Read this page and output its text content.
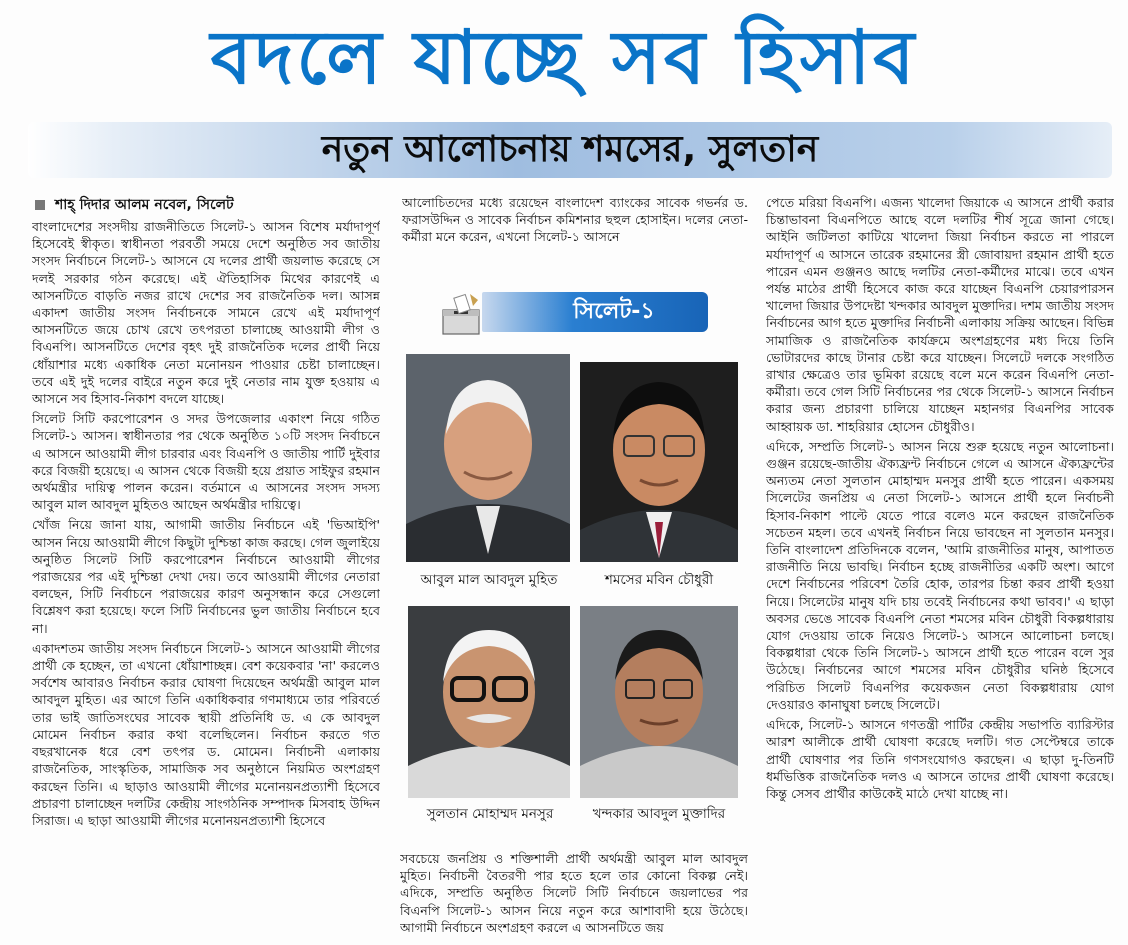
বদলে যাচ্ছে সব হিসাব
নতুন আলোচনায় শমসের, সুলতান
শাহ্ দিদার আলম নবেল, সিলেট

বাংলাদেশের সংসদীয় রাজনীতিতে সিলেট-১ আসন বিশেষ মর্যাদাপূর্ণ হিসেবেই স্বীকৃত। স্বাধীনতা পরবর্তী সময়ে দেশে অনুষ্ঠিত সব জাতীয় সংসদ নির্বাচনে সিলেট-১ আসনে যে দলের প্রার্থী জয়লাভ করেছে সে দলই সরকার গঠন করেছে। এই ঐতিহাসিক মিথের কারণেই এ আসনটিতে বাড়তি নজর রাখে দেশের সব রাজনৈতিক দল। আসন্ন একাদশ জাতীয় সংসদ নির্বাচনকে সামনে রেখে এই মর্যাদাপূর্ণ আসনটিতে জয়ে চোখ রেখে তৎপরতা চালাচ্ছে আওয়ামী লীগ ও বিএনপি। আসনটিতে দেশের বৃহৎ দুই রাজনৈতিক দলের প্রার্থী নিয়ে ধোঁয়াশার মধ্যে একাধিক নেতা মনোনয়ন পাওয়ার চেষ্টা চালাচ্ছেন। তবে এই দুই দলের বাইরে নতুন করে দুই নেতার নাম যুক্ত হওয়ায় এ আসনে সব হিসাব-নিকাশ বদলে যাচ্ছে।

সিলেট সিটি করপোরেশন ও সদর উপজেলার একাংশ নিয়ে গঠিত সিলেট-১ আসন। স্বাধীনতার পর থেকে অনুষ্ঠিত ১০টি সংসদ নির্বাচনে এ আসনে আওয়ামী লীগ চারবার এবং বিএনপি ও জাতীয় পার্টি দুইবার করে বিজয়ী হয়েছে। এ আসন থেকে বিজয়ী হয়ে প্রয়াত সাইফুর রহমান অর্থমন্ত্রীর দায়িত্ব পালন করেন। বর্তমানে এ আসনের সংসদ সদস্য আবুল মাল আবদুল মুহিতও আছেন অর্থমন্ত্রীর দায়িত্বে।

খোঁজ নিয়ে জানা যায়, আগামী জাতীয় নির্বাচনে এই 'ভিআইপি' আসন নিয়ে আওয়ামী লীগে কিছুটা দুশ্চিন্তা কাজ করছে। গেল জুলাইয়ে অনুষ্ঠিত সিলেট সিটি করপোরেশন নির্বাচনে আওয়ামী লীগের পরাজয়ের পর এই দুশ্চিন্তা দেখা দেয়। তবে আওয়ামী লীগের নেতারা বলছেন, সিটি নির্বাচনে পরাজয়ের কারণ অনুসন্ধান করে সেগুলো বিশ্লেষণ করা হয়েছে। ফলে সিটি নির্বাচনের ভুল জাতীয় নির্বাচনে হবে না।

একাদশতম জাতীয় সংসদ নির্বাচনে সিলেট-১ আসনে আওয়ামী লীগের প্রার্থী কে হচ্ছেন, তা এখনো ধোঁয়াশাচ্ছন্ন। বেশ কয়েকবার 'না' করলেও সর্বশেষ আবারও নির্বাচন করার ঘোষণা দিয়েছেন অর্থমন্ত্রী আবুল মাল আবদুল মুহিত। এর আগে তিনি একাধিকবার গণমাধ্যমে তার পরিবর্তে তার ভাই জাতিসংঘের সাবেক স্থায়ী প্রতিনিধি ড. এ কে আবদুল মোমেন নির্বাচন করার কথা বলেছিলেন। নির্বাচন করতে গত বছরখানেক ধরে বেশ তৎপর ড. মোমেন। নির্বাচনী এলাকায় রাজনৈতিক, সাংস্কৃতিক, সামাজিক সব অনুষ্ঠানে নিয়মিত অংশগ্রহণ করছেন তিনি। এ ছাড়াও আওয়ামী লীগের মনোনয়নপ্রত্যাশী হিসেবে প্রচারণা চালাচ্ছেন দলটির কেন্দ্রীয় সাংগঠনিক সম্পাদক মিসবাহ উদ্দিন সিরাজ। এ ছাড়া আওয়ামী লীগের মনোনয়নপ্রত্যাশী হিসেবে

আলোচিতদের মধ্যে রয়েছেন বাংলাদেশ ব্যাংকের সাবেক গভর্নর ড. ফরাসউদ্দিন ও সাবেক নির্বাচন কমিশনার ছহুল হোসাইন। দলের নেতা-কর্মীরা মনে করেন, এখনো সিলেট-১ আসনে

সিলেট-১
আবুল মাল আবদুল মুহিত	শমসের মবিন চৌধুরী
সুলতান মোহাম্মদ মনসুর	খন্দকার আবদুল মুক্তাদির

সবচেয়ে জনপ্রিয় ও শক্তিশালী প্রার্থী অর্থমন্ত্রী আবুল মাল আবদুল মুহিত। নির্বাচনী বৈতরণী পার হতে হলে তার কোনো বিকল্প নেই। এদিকে, সম্প্রতি অনুষ্ঠিত সিলেট সিটি নির্বাচনে জয়লাভের পর বিএনপি সিলেট-১ আসন নিয়ে নতুন করে আশাবাদী হয়ে উঠেছে। আগামী নির্বাচনে অংশগ্রহণ করলে এ আসনটিতে জয়

পেতে মরিয়া বিএনপি। এজন্য খালেদা জিয়াকে এ আসনে প্রার্থী করার চিন্তাভাবনা বিএনপিতে আছে বলে দলটির শীর্ষ সূত্রে জানা গেছে। আইনি জটিলতা কাটিয়ে খালেদা জিয়া নির্বাচন করতে না পারলে মর্যাদাপূর্ণ এ আসনে তারেক রহমানের স্ত্রী জোবায়দা রহমান প্রার্থী হতে পারেন এমন গুঞ্জনও আছে দলটির নেতা-কর্মীদের মাঝে। তবে এখন পর্যন্ত মাঠের প্রার্থী হিসেবে কাজ করে যাচ্ছেন বিএনপি চেয়ারপারসন খালেদা জিয়ার উপদেষ্টা খন্দকার আবদুল মুক্তাদির। দশম জাতীয় সংসদ নির্বাচনের আগ হতে মুক্তাদির নির্বাচনী এলাকায় সক্রিয় আছেন। বিভিন্ন সামাজিক ও রাজনৈতিক কার্যক্রমে অংশগ্রহণের মধ্য দিয়ে তিনি ভোটারদের কাছে টানার চেষ্টা করে যাচ্ছেন। সিলেটে দলকে সংগঠিত রাখার ক্ষেত্রেও তার ভূমিকা রয়েছে বলে মনে করেন বিএনপি নেতা-কর্মীরা। তবে গেল সিটি নির্বাচনের পর থেকে সিলেট-১ আসনে নির্বাচন করার জন্য প্রচারণা চালিয়ে যাচ্ছেন মহানগর বিএনপির সাবেক আহ্বায়ক ডা. শাহরিয়ার হোসেন চৌধুরীও।

এদিকে, সম্প্রতি সিলেট-১ আসন নিয়ে শুরু হয়েছে নতুন আলোচনা। গুঞ্জন রয়েছে-জাতীয় ঐক্যফ্রন্ট নির্বাচনে গেলে এ আসনে ঐক্যফ্রন্টের অন্যতম নেতা সুলতান মোহাম্মদ মনসুর প্রার্থী হতে পারেন। একসময় সিলেটের জনপ্রিয় এ নেতা সিলেট-১ আসনে প্রার্থী হলে নির্বাচনী হিসাব-নিকাশ পাল্টে যেতে পারে বলেও মনে করছেন রাজনৈতিক সচেতন মহল। তবে এখনই নির্বাচন নিয়ে ভাবছেন না সুলতান মনসুর। তিনি বাংলাদেশ প্রতিদিনকে বলেন, 'আমি রাজনীতির মানুষ, আপাতত রাজনীতি নিয়ে ভাবছি। নির্বাচন হচ্ছে রাজনীতির একটি অংশ। আগে দেশে নির্বাচনের পরিবেশ তৈরি হোক, তারপর চিন্তা করব প্রার্থী হওয়া নিয়ে। সিলেটের মানুষ যদি চায় তবেই নির্বাচনের কথা ভাবব।' এ ছাড়া অবসর ভেঙে সাবেক বিএনপি নেতা শমসের মবিন চৌধুরী বিকল্পধারায় যোগ দেওয়ায় তাকে নিয়েও সিলেট-১ আসনে আলোচনা চলছে। বিকল্পধারা থেকে তিনি সিলেট-১ আসনে প্রার্থী হতে পারেন বলে সুর উঠেছে। নির্বাচনের আগে শমসের মবিন চৌধুরীর ঘনিষ্ঠ হিসেবে পরিচিত সিলেট বিএনপির কয়েকজন নেতা বিকল্পধারায় যোগ দেওয়ারও কানাঘুষা চলছে সিলেটে।

এদিকে, সিলেট-১ আসনে গণতন্ত্রী পার্টির কেন্দ্রীয় সভাপতি ব্যারিস্টার আরশ আলীকে প্রার্থী ঘোষণা করেছে দলটি। গত সেপ্টেম্বরে তাকে প্রার্থী ঘোষণার পর তিনি গণসংযোগও করছেন। এ ছাড়া দু-তিনটি ধর্মভিত্তিক রাজনৈতিক দলও এ আসনে তাদের প্রার্থী ঘোষণা করেছে। কিন্তু সেসব প্রার্থীর কাউকেই মাঠে দেখা যাচ্ছে না।
